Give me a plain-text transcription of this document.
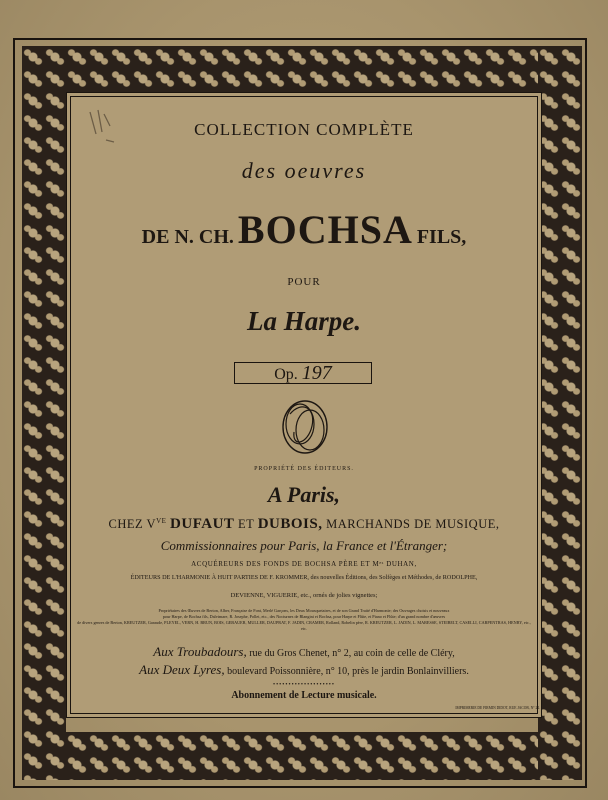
COLLECTION COMPLÈTE
des oeuvres
DE N. CH. BOCHSA FILS,
POUR
La Harpe.
Op. 197
PROPRIÉTÉ DES ÉDITEURS.
A Paris,
CHEZ $V^{VE}$ DUFAUT ET DUBOIS, MARCHANDS DE MUSIQUE,
Commissionnaires pour Paris, la France et l'Étranger;
ACQUÉREURS DES FONDS DE BOCHSA PÈRE ET Mᵉˢ DUHAN,
ÉDITEURS DE L'HARMONIE À HUIT PARTIES DE F. KROMMER, des nouvelles Éditions, des Solfèges et Méthodes, de RODOLPHE,
DEVIENNE, VIGUERIE, etc., ornés de jolies vignettes;
Propriétaires des Œuvres de Berton, Alber, Française de Font, Merlé Garçons, les Deux Mousquetaires, et de son Grand Traité d'Harmonie; des Ouvrages choisis et nouveaux
pour Harpe, de Bochsa fils, Dalvimare, R. Josephe, Pollet, etc., des Nocturnes de Blangini et Bochsa, pour Harpe et Flûte, et Piano et Flûte; d'un grand nombre d'œuvres
de divers genres de Berton, KREUTZER, Garaude, PLEYEL, VERN, H. BRUN, BOIS, GEBAUER, MULLER, DAUPRAT, F. JADIN, CRAMER, Rolland, Robelin père, R. KREUTZER, L. JADIN, L. MARESSE, STEIBELT, CASELLI, CARPENTRAS, HENRY, etc., etc.
Aux Troubadours, rue du Gros Chenet, n° 2, au coin de celle de Cléry,
Aux Deux Lyres, boulevard Poissonnière, n° 10, près le jardin Bonlainvilliers.
••••••••••••••••••••
Abonnement de Lecture musicale.
IMPRIMERIE DE FIRMIN DIDOT, RUE JACOB, N° 24.
